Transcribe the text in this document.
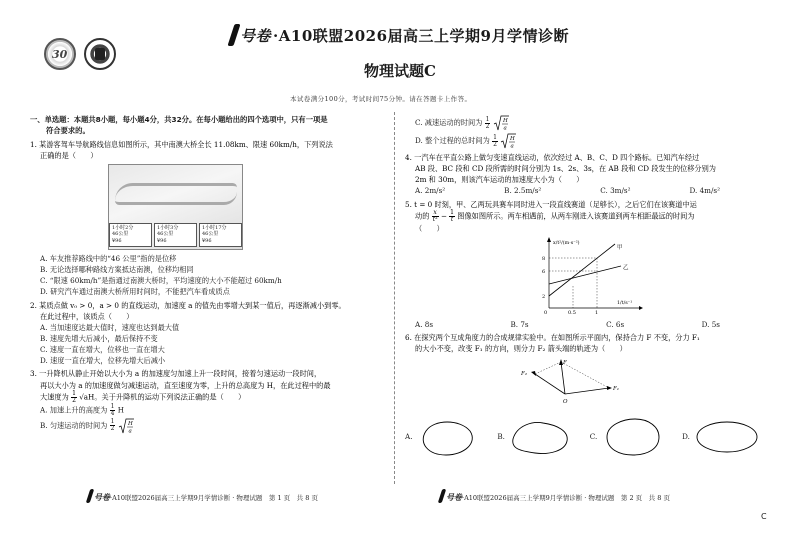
30
号卷 ·A10联盟2026届高三上学期9月学情诊断
物理试题C
本试卷满分100分，考试时间75分钟。请在答题卡上作答。
一、单选题：本题共8小题，每小题4分，共32分。在每小题给出的四个选项中，只有一项是
符合要求的。
1. 某游客驾车导航路线信息如图所示，其中南澳大桥全长 11.08km、限速 60km/h，下列说法
正确的是（　　）
1小时2分
46公里
¥96
1小时3分
46公里
¥96
1小时17分
46公里
¥96
A. 车友推荐路线中的“46 公里”指的是位移
B. 无论选择哪种路线方案抵达南澳，位移均相同
C. “限速 60km/h”是指通过南澳大桥时，平均速度的大小不能超过 60km/h
D. 研究汽车通过南澳大桥所用时间时，不能把汽车看成质点
2. 某质点做 v₀ > 0，a > 0 的直线运动，加速度 a 的值先由零增大到某一值后，再逐渐减小到零。
在此过程中，该质点（　　）
A. 当加速度达最大值时，速度也达到最大值
B. 速度先增大后减小，最后保持不变
C. 速度一直在增大，位移也一直在增大
D. 速度一直在增大，位移先增大后减小
3. 一升降机从静止开始以大小为 a 的加速度匀加速上升一段时间，接着匀速运动一段时间，
再以大小为 a 的加速度做匀减速运动，直至速度为零，上升的总高度为 H，在此过程中的最
大速度为 $\frac{1}{2} √aH$。关于升降机的运动下列说法正确的是（　　）
A. 加速上升的高度为 $\frac{1}{4}$ H
B. 匀速运动的时间为 $\frac{1}{2}$
H
a
C. 减速运动的时间为 $\frac{1}{2}$
H
a
D. 整个过程的总时间为 $\frac{1}{2}$
H
a
4. 一汽车在平直公路上做匀变速直线运动，依次经过 A、B、C、D 四个路标。已知汽车经过
AB 段、BC 段和 CD 段所需的时间分别为 1s、2s、3s，在 AB 段和 CD 段发生的位移分别为
2m 和 30m，则该汽车运动的加速度大小为（　　）
A. 2m/s²	B. 2.5m/s²	C. 3m/s²	D. 4m/s²
5. t = 0 时刻，甲、乙两玩具赛车同时进入一段直线赛道（足够长），之后它们在该赛道中运
动的 $\frac{x}{\text{t²}} - \frac{1}{t}$ 图像如图所示。两车相遇前，从两车刚进入该赛道到两车相距最远的时间为
（　　）
x/t²/(m·s⁻²)
1/t/s⁻¹
甲
乙
8
6
2
0	0.5	1
A. 8s	B. 7s	C. 6s	D. 5s
6. 在探究两个互成角度力的合成规律实验中。在如图所示平面内，保持合力 F 不变，分力 F₁
的大小不变，改变 F₁ 的方向，则分力 F₂ 箭头端的轨迹为（　　）
F
F₂
F₁
O
A.	B.	C.	D.
号卷·A10联盟2026届高三上学期9月学情诊断 · 物理试题　第 1 页　共 8 页	号卷·A10联盟2026届高三上学期9月学情诊断 · 物理试题　第 2 页　共 8 页
C
